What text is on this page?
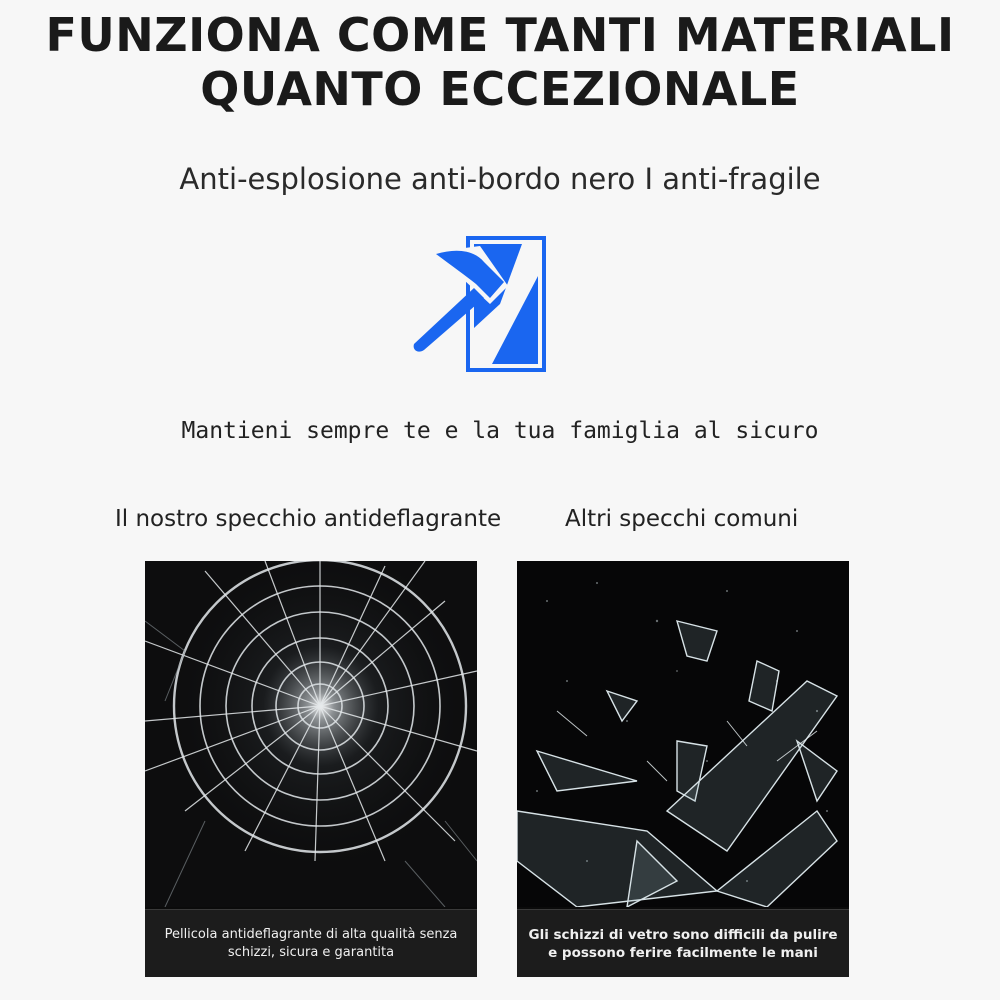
FUNZIONA COME TANTI MATERIALI
QUANTO ECCEZIONALE
Anti-esplosione anti-bordo nero I anti-fragile
Mantieni sempre te e la tua famiglia al sicuro
Il nostro specchio antideflagrante	Altri specchi comuni
Pellicola antideflagrante di alta qualità senza schizzi, sicura e garantita
Gli schizzi di vetro sono difficili da pulire e possono ferire facilmente le mani
